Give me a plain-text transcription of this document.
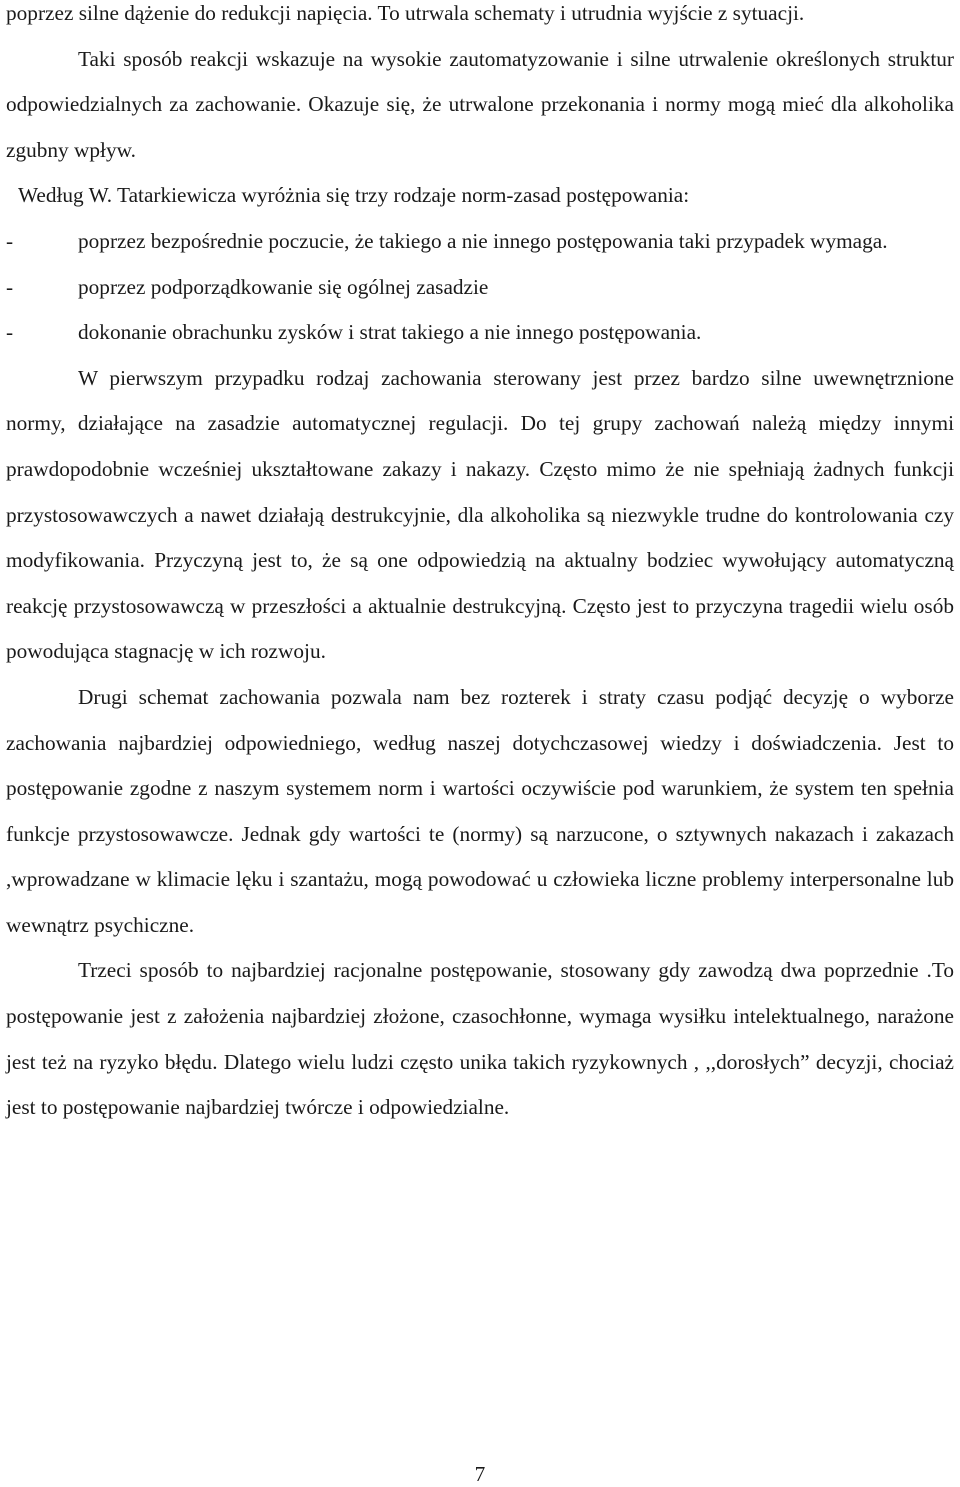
poprzez silne dążenie do redukcji napięcia. To utrwala schematy i utrudnia wyjście z sytuacji.

Taki sposób reakcji wskazuje na wysokie zautomatyzowanie i silne utrwalenie określonych struktur odpowiedzialnych za zachowanie. Okazuje się, że utrwalone przekonania i normy mogą mieć dla alkoholika zgubny wpływ.

Według W. Tatarkiewicza wyróżnia się trzy rodzaje norm-zasad postępowania:

-	poprzez bezpośrednie poczucie, że takiego a nie innego postępowania taki przypadek wymaga.
-	poprzez podporządkowanie się ogólnej zasadzie
-	dokonanie obrachunku zysków i strat takiego a nie innego postępowania.

W pierwszym przypadku rodzaj zachowania sterowany jest przez bardzo silne uwewnętrznione normy, działające na zasadzie automatycznej regulacji. Do tej grupy zachowań należą między innymi prawdopodobnie wcześniej ukształtowane zakazy i nakazy. Często mimo że nie spełniają żadnych funkcji przystosowawczych a nawet działają destrukcyjnie, dla alkoholika są niezwykle trudne do kontrolowania czy modyfikowania. Przyczyną jest to, że są one odpowiedzią na aktualny bodziec wywołujący automatyczną reakcję przystosowawczą w przeszłości a aktualnie destrukcyjną. Często jest to przyczyna tragedii wielu osób powodująca stagnację w ich rozwoju.

Drugi schemat zachowania pozwala nam bez rozterek i straty czasu podjąć decyzję o wyborze zachowania najbardziej odpowiedniego, według naszej dotychczasowej wiedzy i doświadczenia. Jest to postępowanie zgodne z naszym systemem norm i wartości oczywiście pod warunkiem, że system ten spełnia funkcje przystosowawcze. Jednak gdy wartości te (normy) są narzucone, o sztywnych nakazach i zakazach ,wprowadzane w klimacie lęku i szantażu, mogą powodować u człowieka liczne problemy interpersonalne lub wewnątrz psychiczne.

Trzeci sposób to najbardziej racjonalne postępowanie, stosowany gdy zawodzą dwa poprzednie .To postępowanie jest z założenia najbardziej złożone, czasochłonne, wymaga wysiłku intelektualnego, narażone jest też na ryzyko błędu. Dlatego wielu ludzi często unika takich ryzykownych , ,,dorosłych” decyzji, chociaż jest to postępowanie najbardziej twórcze i odpowiedzialne.

7
